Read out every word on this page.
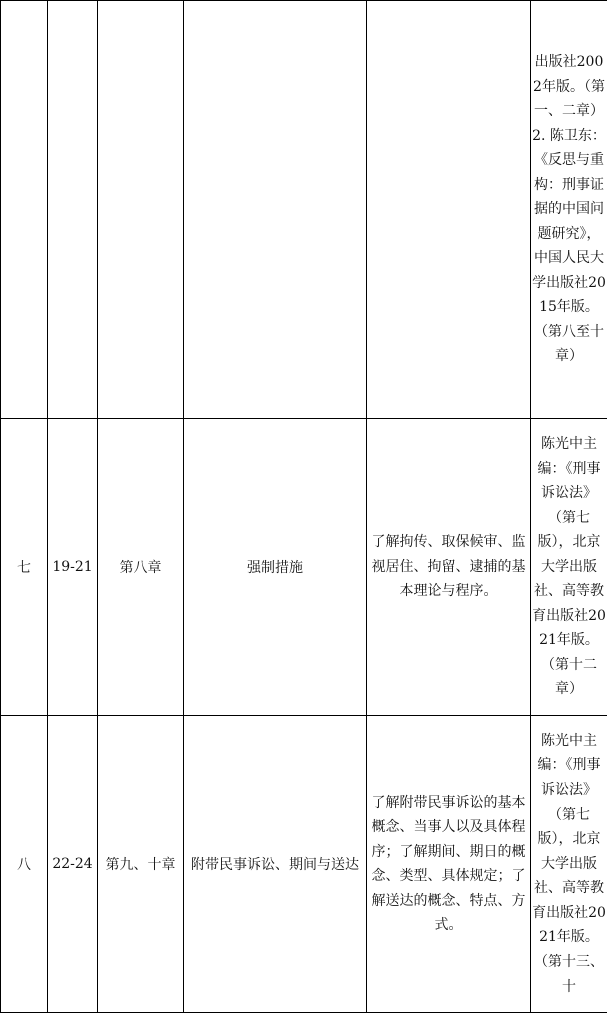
					出版社2002年版。（第一、二章）2. 陈卫东：《反思与重构：刑事证据的中国问题研究》，中国人民大学出版社2015年版。（第八至十章）

七	19-21	第八章	强制措施	了解拘传、取保候审、监视居住、拘留、逮捕的基本理论与程序。	陈光中主编：《刑事诉讼法》（第七版），北京大学出版社、高等教育出版社2021年版。（第十二章）

八	22-24	第九、十章	附带民事诉讼、期间与送达	了解附带民事诉讼的基本概念、当事人以及具体程序；了解期间、期日的概念、类型、具体规定；了解送达的概念、特点、方式。	陈光中主编：《刑事诉讼法》（第七版），北京大学出版社、高等教育出版社2021年版。（第十三、十
